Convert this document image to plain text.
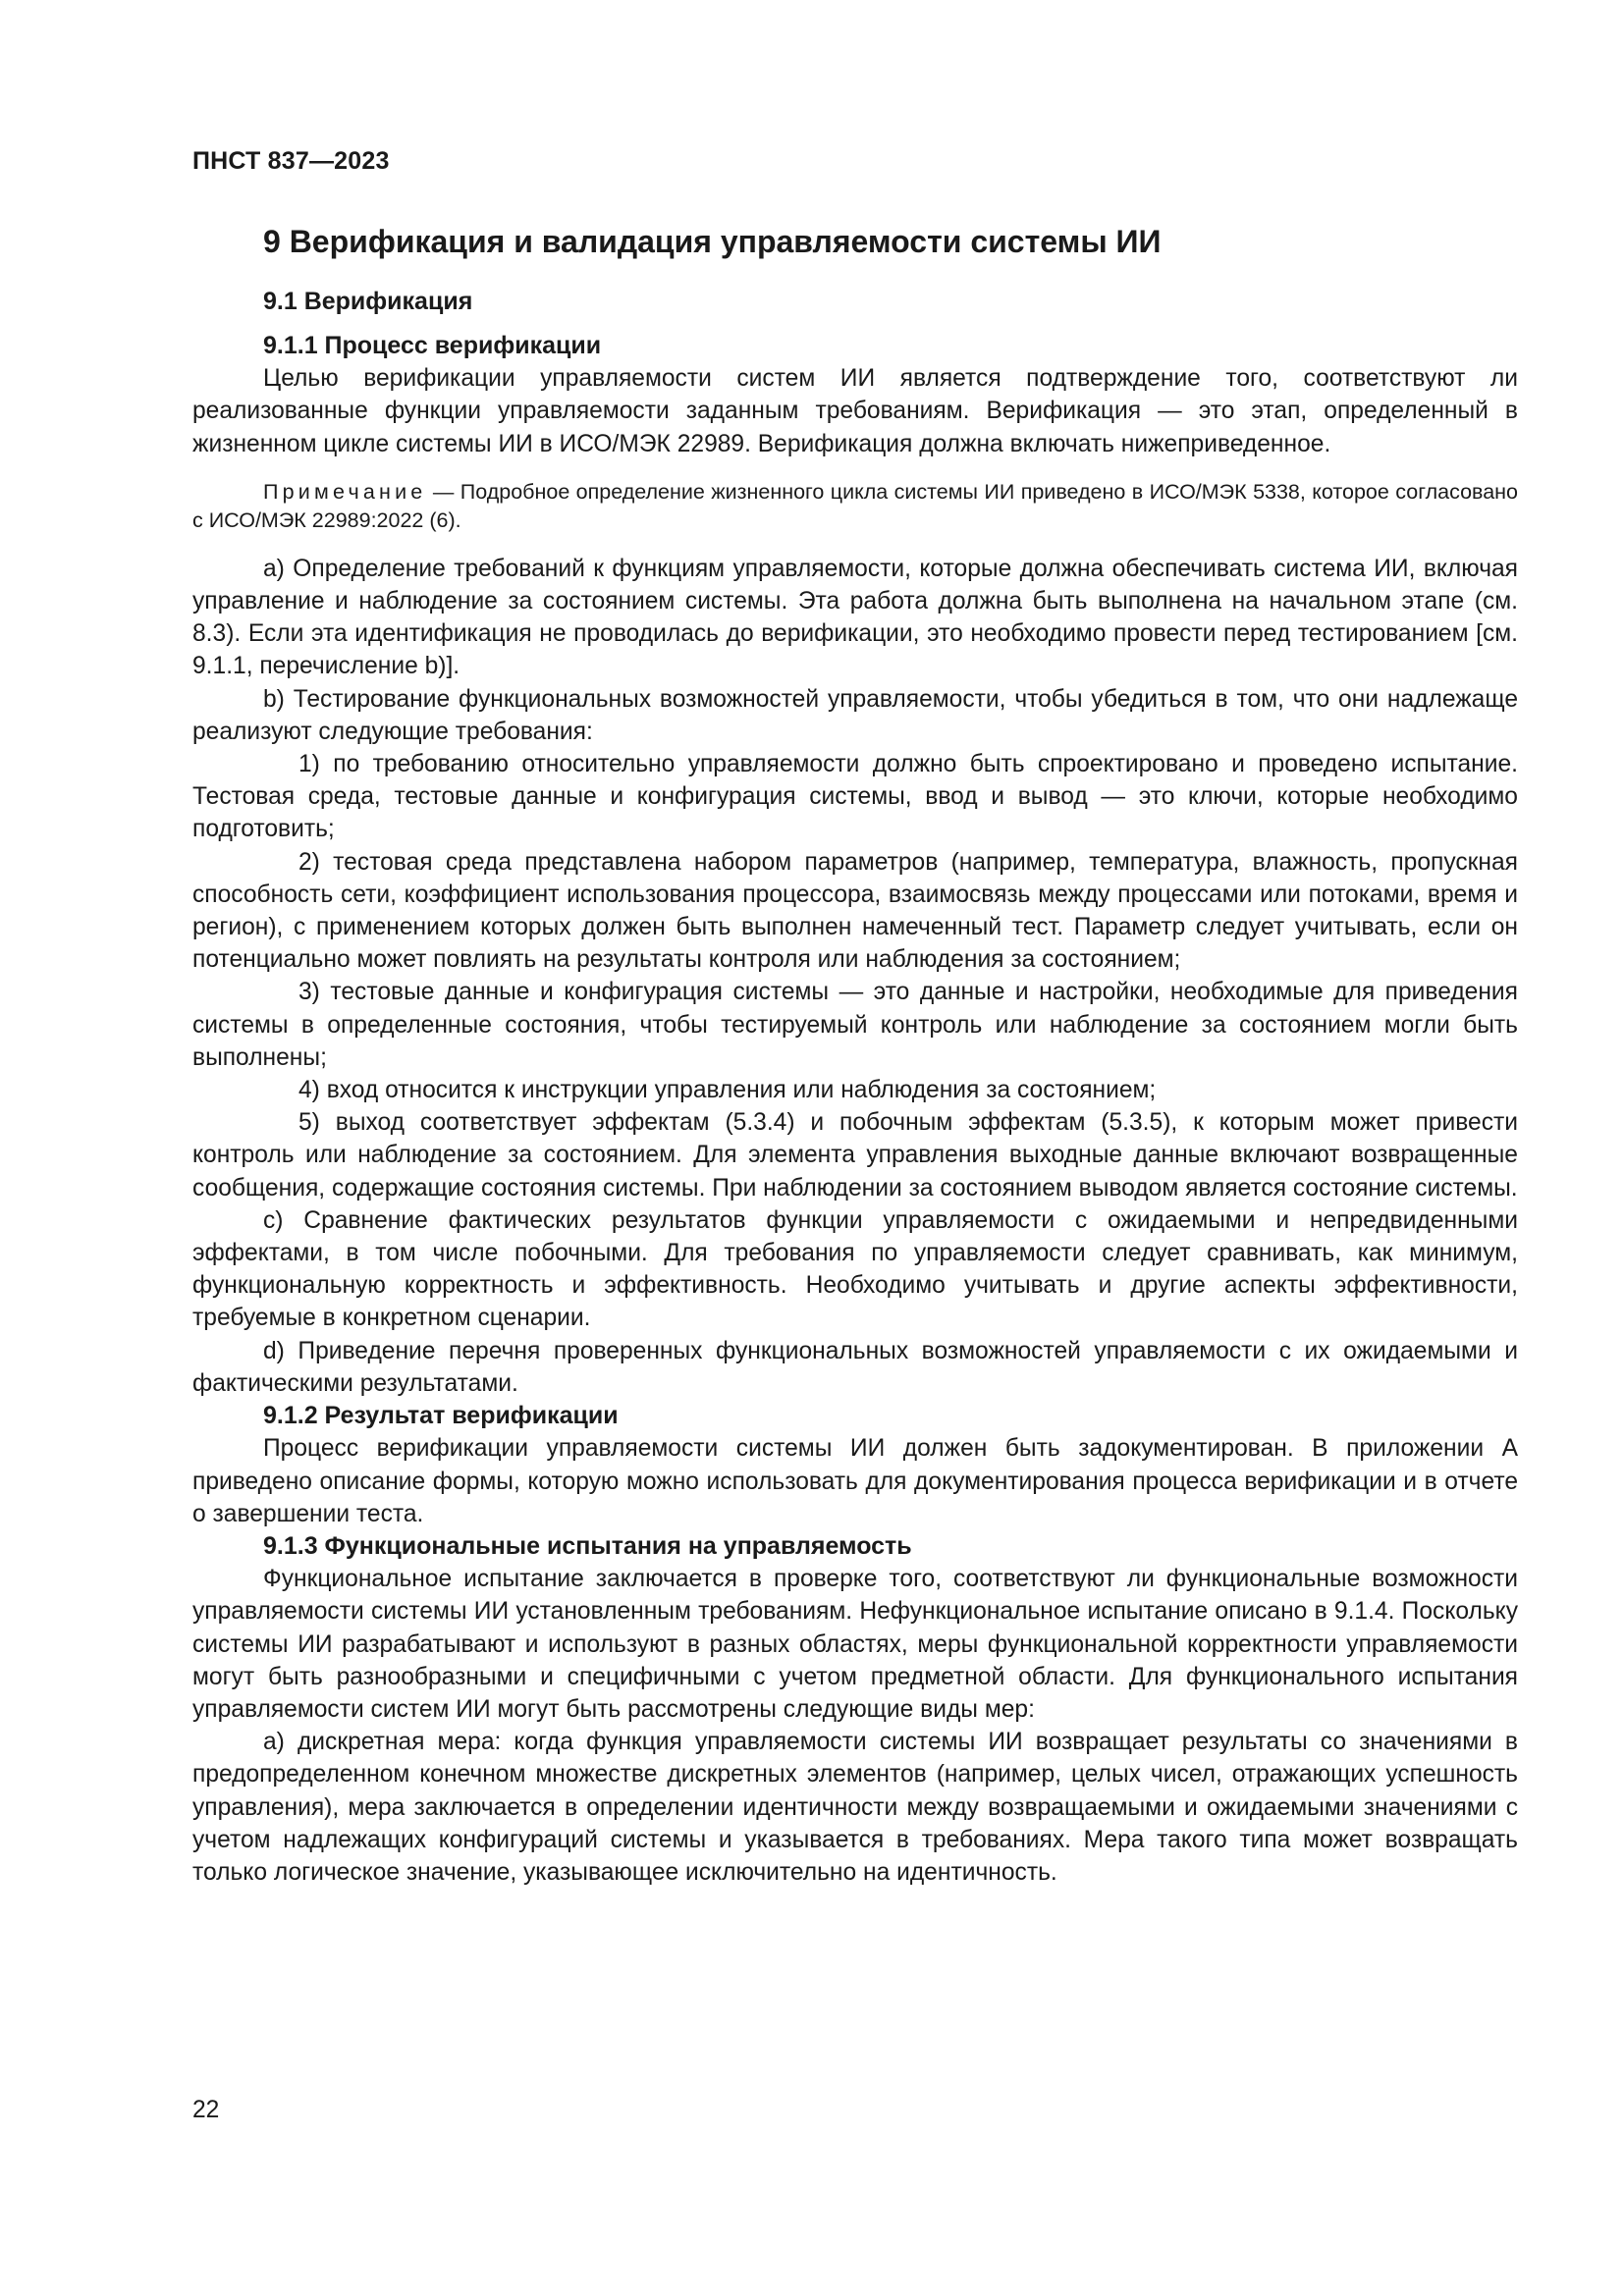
ПНСТ 837—2023
9 Верификация и валидация управляемости системы ИИ
9.1 Верификация
9.1.1 Процесс верификации

Целью верификации управляемости систем ИИ является подтверждение того, соответствуют ли реализованные функции управляемости заданным требованиям. Верификация — это этап, определенный в жизненном цикле системы ИИ в ИСО/МЭК 22989. Верификация должна включать нижеприведенное.

Примечание — Подробное определение жизненного цикла системы ИИ приведено в ИСО/МЭК 5338, которое согласовано с ИСО/МЭК 22989:2022 (6).

a) Определение требований к функциям управляемости, которые должна обеспечивать система ИИ, включая управление и наблюдение за состоянием системы. Эта работа должна быть выполнена на начальном этапе (см. 8.3). Если эта идентификация не проводилась до верификации, это необходимо провести перед тестированием [см. 9.1.1, перечисление b)].

b) Тестирование функциональных возможностей управляемости, чтобы убедиться в том, что они надлежаще реализуют следующие требования:

1) по требованию относительно управляемости должно быть спроектировано и проведено испытание. Тестовая среда, тестовые данные и конфигурация системы, ввод и вывод — это ключи, которые необходимо подготовить;

2) тестовая среда представлена набором параметров (например, температура, влажность, пропускная способность сети, коэффициент использования процессора, взаимосвязь между процессами или потоками, время и регион), с применением которых должен быть выполнен намеченный тест. Параметр следует учитывать, если он потенциально может повлиять на результаты контроля или наблюдения за состоянием;

3) тестовые данные и конфигурация системы — это данные и настройки, необходимые для приведения системы в определенные состояния, чтобы тестируемый контроль или наблюдение за состоянием могли быть выполнены;

4) вход относится к инструкции управления или наблюдения за состоянием;

5) выход соответствует эффектам (5.3.4) и побочным эффектам (5.3.5), к которым может привести контроль или наблюдение за состоянием. Для элемента управления выходные данные включают возвращенные сообщения, содержащие состояния системы. При наблюдении за состоянием выводом является состояние системы.

c) Сравнение фактических результатов функции управляемости с ожидаемыми и непредвиденными эффектами, в том числе побочными. Для требования по управляемости следует сравнивать, как минимум, функциональную корректность и эффективность. Необходимо учитывать и другие аспекты эффективности, требуемые в конкретном сценарии.

d) Приведение перечня проверенных функциональных возможностей управляемости с их ожидаемыми и фактическими результатами.

9.1.2 Результат верификации

Процесс верификации управляемости системы ИИ должен быть задокументирован. В приложении А приведено описание формы, которую можно использовать для документирования процесса верификации и в отчете о завершении теста.

9.1.3 Функциональные испытания на управляемость

Функциональное испытание заключается в проверке того, соответствуют ли функциональные возможности управляемости системы ИИ установленным требованиям. Нефункциональное испытание описано в 9.1.4. Поскольку системы ИИ разрабатывают и используют в разных областях, меры функциональной корректности управляемости могут быть разнообразными и специфичными с учетом предметной области. Для функционального испытания управляемости систем ИИ могут быть рассмотрены следующие виды мер:

a) дискретная мера: когда функция управляемости системы ИИ возвращает результаты со значениями в предопределенном конечном множестве дискретных элементов (например, целых чисел, отражающих успешность управления), мера заключается в определении идентичности между возвращаемыми и ожидаемыми значениями с учетом надлежащих конфигураций системы и указывается в требованиях. Мера такого типа может возвращать только логическое значение, указывающее исключительно на идентичность.

22
